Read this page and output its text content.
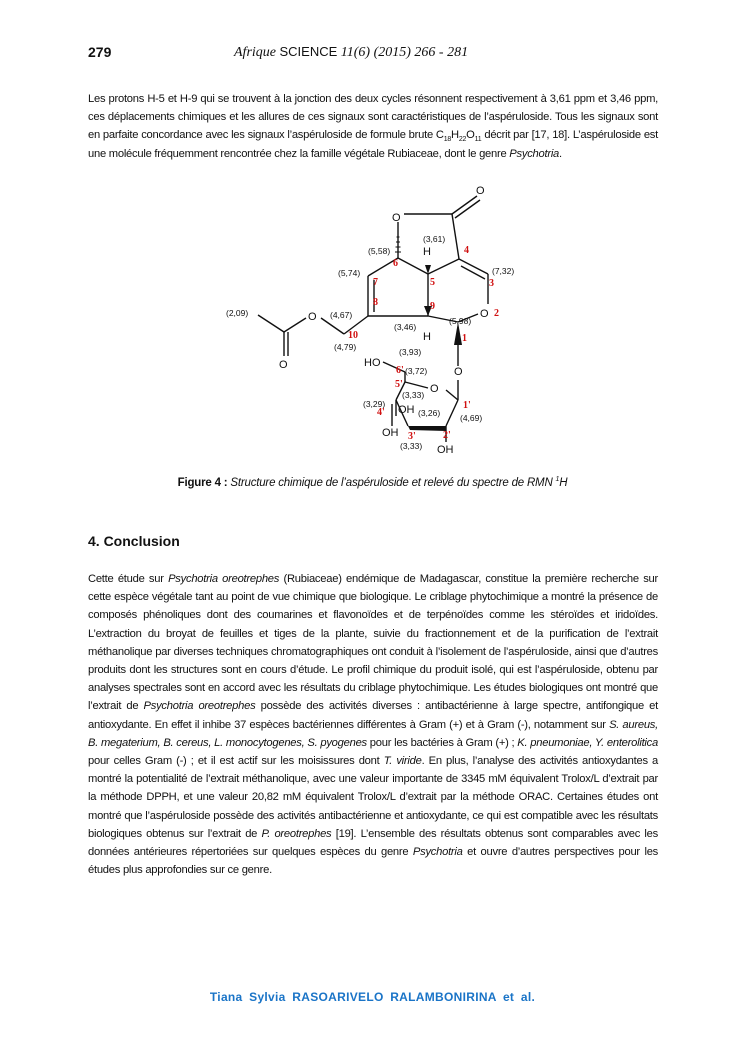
279	Afrique SCIENCE 11(6) (2015) 266 - 281
Les protons H-5 et H-9 qui se trouvent à la jonction des deux cycles résonnent respectivement à 3,61 ppm et 3,46 ppm, ces déplacements chimiques et les allures de ces signaux sont caractéristiques de l’aspéruloside. Tous les signaux sont en parfaite concordance avec les signaux l’aspéruloside de formule brute $C_{18}H_{22}O_{11}$ décrit par [17, 18]. L’aspéruloside est une molécule fréquemment rencontrée chez la famille végétale Rubiaceae, dont le genre Psychotria.
O
O
H
H
O
O
O
O	HO
O
OH
OH
OH
(5,58)
(3,61)
(7,32)
(5,74)
(4,67)
(4,79)
(2,09)
(3,46)
(5,98)
(3,93)
(3,72)
(3,33)
(3,29)
(3,26) (4,69)
(3,33)
6
4
3
7	5
8	9
2
10	1
6'
5'
4'
1'
3'	2'
Figure 4 : Structure chimique de l’aspéruloside et relevé du spectre de RMN $^1$H
4. Conclusion
Cette étude sur Psychotria oreotrephes (Rubiaceae) endémique de Madagascar, constitue la première recherche sur cette espèce végétale tant au point de vue chimique que biologique. Le criblage phytochimique a montré la présence de composés phénoliques dont des coumarines et flavonoïdes et de terpénoïdes comme les stéroïdes et iridoïdes. L’extraction du broyat de feuilles et tiges de la plante, suivie du fractionnement et de la purification de l’extrait méthanolique par diverses techniques chromatographiques ont conduit à l’isolement de l’aspéruloside, ainsi que d’autres produits dont les structures sont en cours d’étude. Le profil chimique du produit isolé, qui est l’aspéruloside, obtenu par analyses spectrales sont en accord avec les résultats du criblage phytochimique. Les études biologiques ont montré que l’extrait de Psychotria oreotrephes possède des activités diverses : antibactérienne à large spectre, antifongique et antioxydante. En effet il inhibe 37 espèces bactériennes différentes à Gram (+) et à Gram (-), notamment sur S. aureus, B. megaterium, B. cereus, L. monocytogenes, S. pyogenes pour les bactéries à Gram (+) ; K. pneumoniae, Y. enterolitica pour celles Gram (-) ; et il est actif sur les moisissures dont T. viride. En plus, l’analyse des activités antioxydantes a montré la potentialité de l’extrait méthanolique, avec une valeur importante de 3345 mM équivalent Trolox/L d’extrait par la méthode DPPH, et une valeur 20,82 mM équivalent Trolox/L d’extrait par la méthode ORAC. Certaines études ont montré que l’aspéruloside possède des activités antibactérienne et antioxydante, ce qui est compatible avec les résultats biologiques obtenus sur l’extrait de P. oreotrephes [19]. L’ensemble des résultats obtenus sont comparables avec les données antérieures répertoriées sur quelques espèces du genre Psychotria et ouvre d’autres perspectives pour les études plus approfondies sur ce genre.
Tiana Sylvia RASOARIVELO RALAMBONIRINA et al.
